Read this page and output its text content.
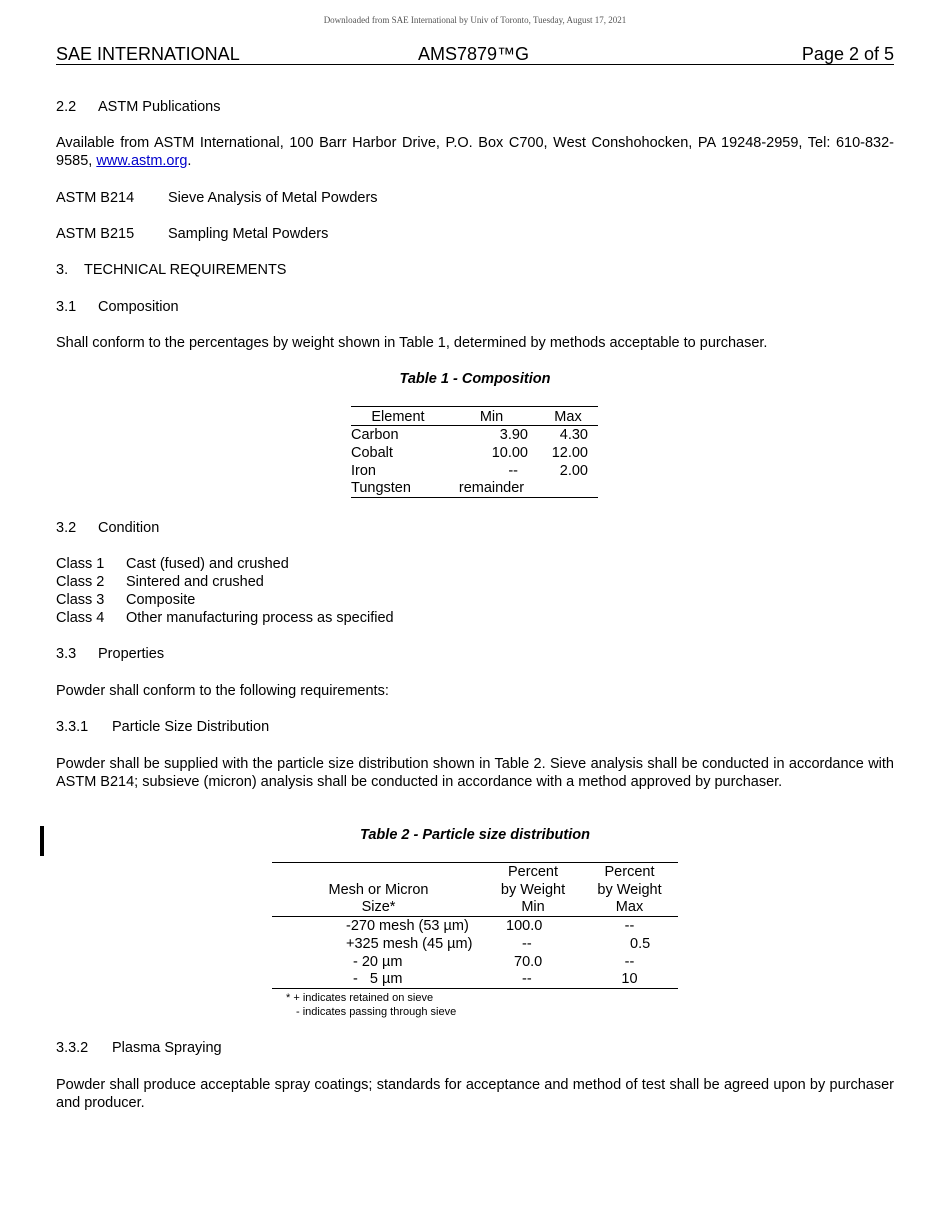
Downloaded from SAE International by Univ of Toronto, Tuesday, August 17, 2021
SAE INTERNATIONAL	AMS7879™G	Page 2 of 5
2.2 ASTM Publications
Available from ASTM International, 100 Barr Harbor Drive, P.O. Box C700, West Conshohocken, PA 19248-2959, Tel: 610-832-9585, www.astm.org.
ASTM B214 Sieve Analysis of Metal Powders
ASTM B215 Sampling Metal Powders
3. TECHNICAL REQUIREMENTS
3.1 Composition
Shall conform to the percentages by weight shown in Table 1, determined by methods acceptable to purchaser.
Table 1 - Composition
Element	Min	Max
Carbon	3.90	4.30
Cobalt	10.00	12.00
Iron	--	2.00
Tungsten	remainder	
3.2 Condition
Class 1 Cast (fused) and crushed
Class 2 Sintered and crushed
Class 3 Composite
Class 4 Other manufacturing process as specified
3.3 Properties
Powder shall conform to the following requirements:
3.3.1 Particle Size Distribution
Powder shall be supplied with the particle size distribution shown in Table 2. Sieve analysis shall be conducted in accordance with ASTM B214; subsieve (micron) analysis shall be conducted in accordance with a method approved by purchaser.
Table 2 - Particle size distribution
	Percent	Percent
Mesh or Micron	by Weight	by Weight
Size*	Min	Max
-270 mesh (53 µm)	100.0	--
+325 mesh (45 µm)	--	0.5
- 20 µm	70.0	--
-   5 µm	--	10
* + indicates retained on sieve
- indicates passing through sieve
3.3.2 Plasma Spraying
Powder shall produce acceptable spray coatings; standards for acceptance and method of test shall be agreed upon by purchaser and producer.
